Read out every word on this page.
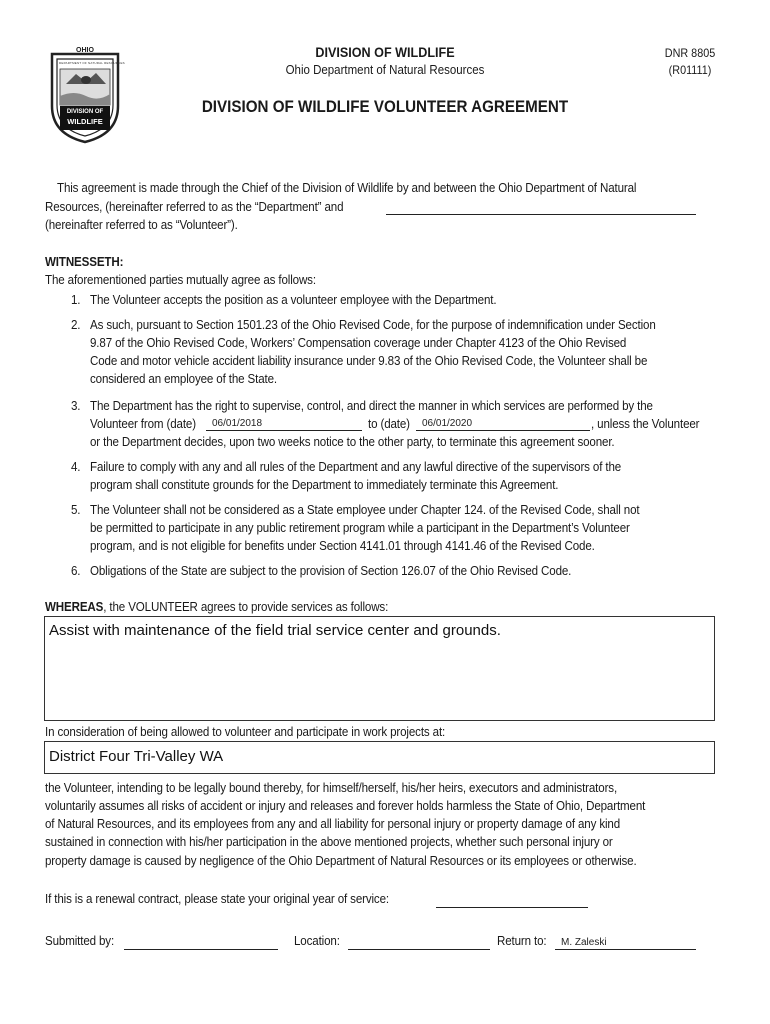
OHIO
DEPARTMENT OF NATURAL RESOURCES
DIVISION OF
WILDLIFE
DIVISION OF WILDLIFE
Ohio Department of Natural Resources
DNR 8805
(R01111)
DIVISION OF WILDLIFE VOLUNTEER AGREEMENT
This agreement is made through the Chief of the Division of Wildlife by and between the Ohio Department of Natural
Resources, (hereinafter referred to as the “Department” and
(hereinafter referred to as “Volunteer”).
WITNESSETH:
The aforementioned parties mutually agree as follows:
1. The Volunteer accepts the position as a volunteer employee with the Department.
2. As such, pursuant to Section 1501.23 of the Ohio Revised Code, for the purpose of indemnification under Section
9.87 of the Ohio Revised Code, Workers’ Compensation coverage under Chapter 4123 of the Ohio Revised
Code and motor vehicle accident liability insurance under 9.83 of the Ohio Revised Code, the Volunteer shall be
considered an employee of the State.
3. The Department has the right to supervise, control, and direct the manner in which services are performed by the
Volunteer from (date) 06/01/2018	to (date) 06/01/2020	, unless the Volunteer
or the Department decides, upon two weeks notice to the other party, to terminate this agreement sooner.
4. Failure to comply with any and all rules of the Department and any lawful directive of the supervisors of the
program shall constitute grounds for the Department to immediately terminate this Agreement.
5. The Volunteer shall not be considered as a State employee under Chapter 124. of the Revised Code, shall not
be permitted to participate in any public retirement program while a participant in the Department’s Volunteer
program, and is not eligible for benefits under Section 4141.01 through 4141.46 of the Revised Code.
6. Obligations of the State are subject to the provision of Section 126.07 of the Ohio Revised Code.
WHEREAS, the VOLUNTEER agrees to provide services as follows:
Assist with maintenance of the field trial service center and grounds.
In consideration of being allowed to volunteer and participate in work projects at:
District Four Tri-Valley WA
the Volunteer, intending to be legally bound thereby, for himself/herself, his/her heirs, executors and administrators,
voluntarily assumes all risks of accident or injury and releases and forever holds harmless the State of Ohio, Department
of Natural Resources, and its employees from any and all liability for personal injury or property damage of any kind
sustained in connection with his/her participation in the above mentioned projects, whether such personal injury or
property damage is caused by negligence of the Ohio Department of Natural Resources or its employees or otherwise.
If this is a renewal contract, please state your original year of service:
Submitted by:	Location:	Return to: M. Zaleski
